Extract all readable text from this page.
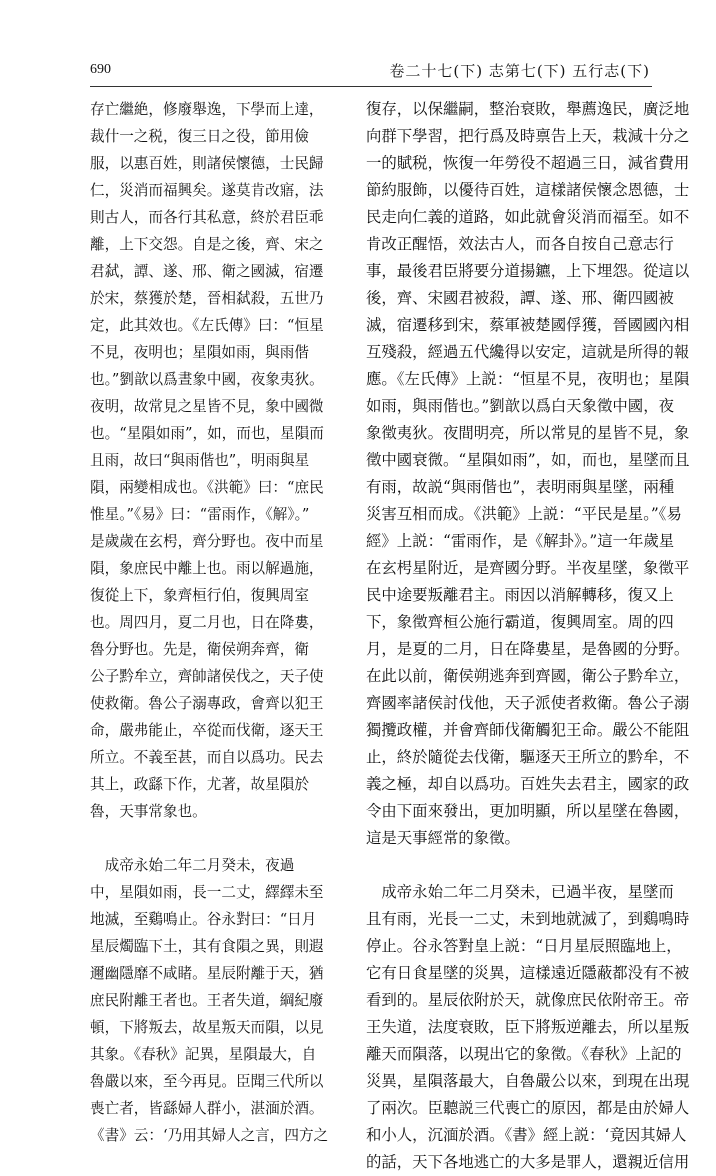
690	卷二十七(下) 志第七(下) 五行志(下)
存亡繼絶，修廢舉逸，下學而上達，
裁什一之税，復三日之役，節用儉
服，以惠百姓，則諸侯懷德，士民歸
仁，災消而福興矣。遂莫肯改寤，法
則古人，而各行其私意，終於君臣乖
離，上下交怨。自是之後，齊、宋之
君弑，譚、遂、邢、衛之國滅，宿遷
於宋，蔡獲於楚，晉相弑殺，五世乃
定，此其效也。《左氏傳》曰：“恒星
不見，夜明也；星隕如雨，與雨偕
也。”劉歆以爲晝象中國，夜象夷狄。
夜明，故常見之星皆不見，象中國微
也。“星隕如雨”，如，而也，星隕而
且雨，故曰“與雨偕也”，明雨與星
隕，兩變相成也。《洪範》曰：“庶民
惟星。”《易》曰：“雷雨作，《解》。”
是歲歲在玄枵，齊分野也。夜中而星
隕，象庶民中離上也。雨以解過施，
復從上下，象齊桓行伯，復興周室
也。周四月，夏二月也，日在降婁，
魯分野也。先是，衛侯朔奔齊，衛
公子黔牟立，齊帥諸侯伐之，天子使
使救衛。魯公子溺專政，會齊以犯王
命，嚴弗能止，卒從而伐衛，逐天王
所立。不義至甚，而自以爲功。民去
其上，政繇下作，尤著，故星隕於
魯，天事常象也。
　成帝永始二年二月癸未，夜過
中，星隕如雨，長一二丈，繹繹未至
地滅，至鷄鳴止。谷永對曰：“日月
星辰燭臨下土，其有食隕之異，則遐
邇幽隱靡不咸睹。星辰附離于天，猶
庶民附離王者也。王者失道，綱紀廢
頓，下將叛去，故星叛天而隕，以見
其象。《春秋》記異，星隕最大，自
魯嚴以來，至今再見。臣聞三代所以
喪亡者，皆繇婦人群小，湛湎於酒。
《書》云：‘乃用其婦人之言，四方之
復存，以保繼嗣，整治衰敗，舉薦逸民，廣泛地
向群下學習，把行爲及時禀告上天，栽減十分之
一的賦税，恢復一年勞役不超過三日，減省費用
節約服飾，以優待百姓，這樣諸侯懷念恩德，士
民走向仁義的道路，如此就會災消而福至。如不
肯改正醒悟，效法古人，而各自按自己意志行
事，最後君臣將要分道揚鑣，上下埋怨。從這以
後，齊、宋國君被殺，譚、遂、邢、衛四國被
滅，宿遷移到宋，蔡軍被楚國俘獲，晉國國內相
互殘殺，經過五代纔得以安定，這就是所得的報
應。《左氏傳》上説：“恒星不見，夜明也；星隕
如雨，與雨偕也。”劉歆以爲白天象徵中國，夜
象徵夷狄。夜間明亮，所以常見的星皆不見，象
徵中國衰微。“星隕如雨”，如，而也，星墜而且
有雨，故説“與雨偕也”，表明雨與星墜，兩種
災害互相而成。《洪範》上説：“平民是星。”《易
經》上説：“雷雨作，是《解卦》。”這一年歲星
在玄枵星附近，是齊國分野。半夜星墜，象徵平
民中途要叛離君主。雨因以消解轉移，復又上
下，象徵齊桓公施行霸道，復興周室。周的四
月，是夏的二月，日在降婁星，是魯國的分野。
在此以前，衛侯朔逃奔到齊國，衛公子黔牟立，
齊國率諸侯討伐他，天子派使者救衛。魯公子溺
獨攬政權，并會齊師伐衛觸犯王命。嚴公不能阻
止，終於隨從去伐衛，驅逐天王所立的黔牟，不
義之極，却自以爲功。百姓失去君主，國家的政
令由下面來發出，更加明顯，所以星墜在魯國，
這是天事經常的象徵。
　成帝永始二年二月癸未，已過半夜，星墜而
且有雨，光長一二丈，未到地就滅了，到鷄鳴時
停止。谷永答對皇上説：“日月星辰照臨地上，
它有日食星墜的災異，這樣遠近隱蔽都没有不被
看到的。星辰依附於天，就像庶民依附帝王。帝
王失道，法度衰敗，臣下將叛逆離去，所以星叛
離天而隕落，以現出它的象徵。《春秋》上記的
災異，星隕落最大，自魯嚴公以來，到現在出現
了兩次。臣聽説三代喪亡的原因，都是由於婦人
和小人，沉湎於酒。《書》經上説：‘竟因其婦人
的話，天下各地逃亡的大多是罪人，還親近信用
